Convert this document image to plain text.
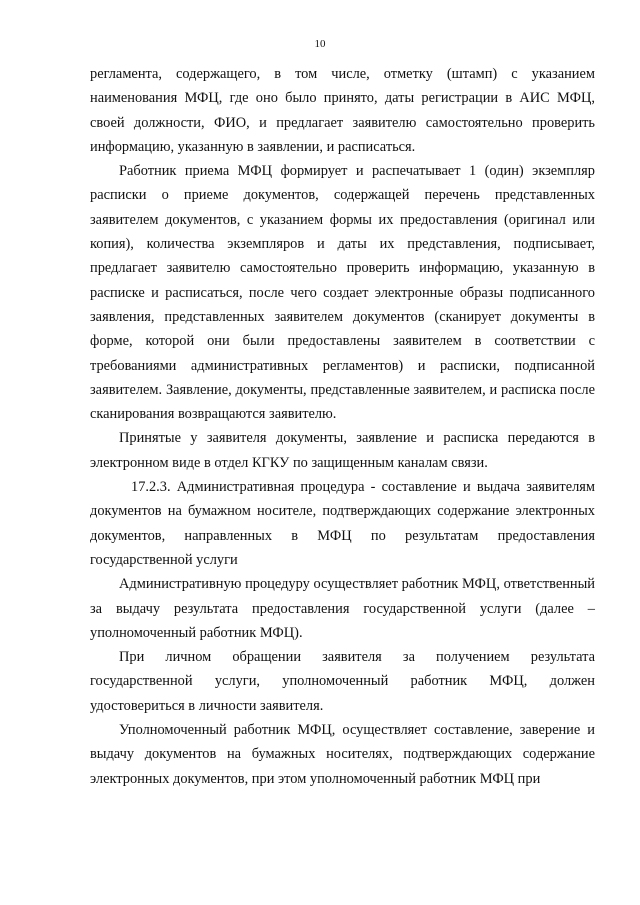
10

регламента, содержащего, в том числе, отметку (штамп) с указанием наименования МФЦ, где оно было принято, даты регистрации в АИС МФЦ, своей должности, ФИО, и предлагает заявителю самостоятельно проверить информацию, указанную в заявлении, и расписаться.

Работник приема МФЦ формирует и распечатывает 1 (один) экземпляр расписки о приеме документов, содержащей перечень представленных заявителем документов, с указанием формы их предоставления (оригинал или копия), количества экземпляров и даты их представления, подписывает, предлагает заявителю самостоятельно проверить информацию, указанную в расписке и расписаться, после чего создает электронные образы подписанного заявления, представленных заявителем документов (сканирует документы в форме, которой они были предоставлены заявителем в соответствии с требованиями административных регламентов) и расписки, подписанной заявителем. Заявление, документы, представленные заявителем, и расписка после сканирования возвращаются заявителю.

Принятые у заявителя документы, заявление и расписка передаются в электронном виде в отдел КГКУ по защищенным каналам связи.

17.2.3. Административная процедура - составление и выдача заявителям документов на бумажном носителе, подтверждающих содержание электронных документов, направленных в МФЦ по результатам предоставления государственной услуги

Административную процедуру осуществляет работник МФЦ, ответственный за выдачу результата предоставления государственной услуги (далее – уполномоченный работник МФЦ).

При личном обращении заявителя за получением результата государственной услуги, уполномоченный работник МФЦ, должен удостовериться в личности заявителя.

Уполномоченный работник МФЦ, осуществляет составление, заверение и выдачу документов на бумажных носителях, подтверждающих содержание электронных документов, при этом уполномоченный работник МФЦ при
